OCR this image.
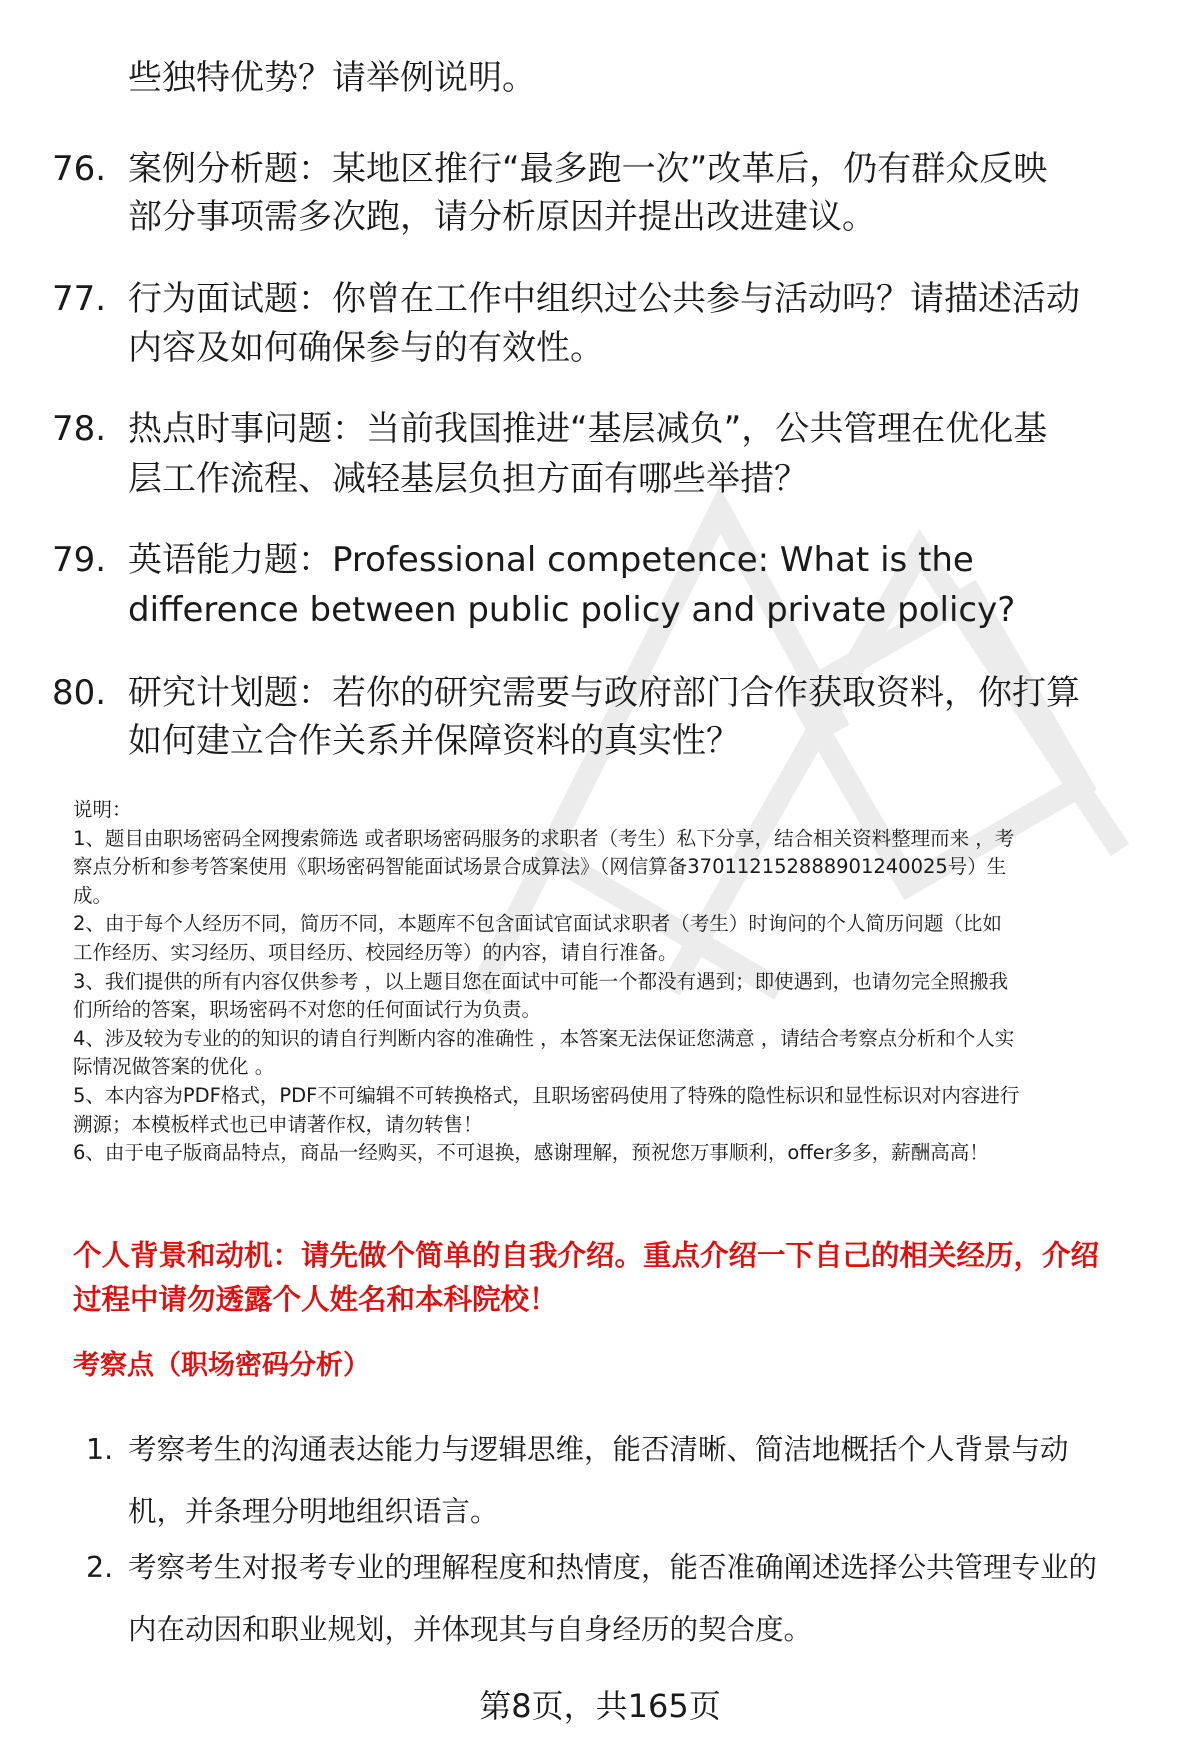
些独特优势？请举例说明。
76. 案例分析题：某地区推行“最多跑一次”改革后，仍有群众反映
部分事项需多次跑，请分析原因并提出改进建议。
77. 行为面试题：你曾在工作中组织过公共参与活动吗？请描述活动
内容及如何确保参与的有效性。
78. 热点时事问题：当前我国推进“基层减负”，公共管理在优化基
层工作流程、减轻基层负担方面有哪些举措？
79. 英语能力题：Professional competence: What is the
difference between public policy and private policy?
80. 研究计划题：若你的研究需要与政府部门合作获取资料，你打算
如何建立合作关系并保障资料的真实性？

说明：

1、题目由职场密码全网搜索筛选 或者职场密码服务的求职者（考生）私下分享，结合相关资料整理而来 ，考

察点分析和参考答案使用《职场密码智能面试场景合成算法》（网信算备370112152888901240025号）生

成。

2、由于每个人经历不同，简历不同，本题库不包含面试官面试求职者（考生）时询问的个人简历问题（比如

工作经历、实习经历、项目经历、校园经历等）的内容，请自行准备。

3、我们提供的所有内容仅供参考 ，以上题目您在面试中可能一个都没有遇到；即使遇到，也请勿完全照搬我

们所给的答案，职场密码不对您的任何面试行为负责。

4、涉及较为专业的的知识的请自行判断内容的准确性 ，本答案无法保证您满意 ，请结合考察点分析和个人实

际情况做答案的优化 。

5、本内容为PDF格式，PDF不可编辑不可转换格式，且职场密码使用了特殊的隐性标识和显性标识对内容进行

溯源；本模板样式也已申请著作权，请勿转售！

6、由于电子版商品特点，商品一经购买，不可退换，感谢理解，预祝您万事顺利，offer多多，薪酬高高！

个人背景和动机：请先做个简单的自我介绍。重点介绍一下自己的相关经历，介绍
过程中请勿透露个人姓名和本科院校！
考察点（职场密码分析）
1. 考察考生的沟通表达能力与逻辑思维，能否清晰、简洁地概括个人背景与动
机，并条理分明地组织语言。
2. 考察考生对报考专业的理解程度和热情度，能否准确阐述选择公共管理专业的
内在动因和职业规划，并体现其与自身经历的契合度。
第8页，共165页
